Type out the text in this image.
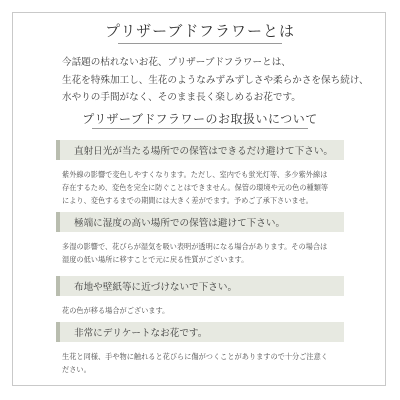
プリザーブドフラワーとは
今話題の枯れないお花、プリザーブドフラワーとは、
生花を特殊加工し、生花のようなみずみずしさや柔らかさを保ち続け、
水やりの手間がなく、そのまま長く楽しめるお花です。
プリザーブドフラワーのお取扱いについて
直射日光が当たる場所での保管はできるだけ避けて下さい。
紫外線の影響で変色しやすくなります。ただし、室内でも蛍光灯等、多少紫外線は
存在するため、変色を完全に防ぐことはできません。保管の環境や元の色の種類等
により、変色するまでの期間には大きく差がでます。予めご了承下さいませ。
極端に湿度の高い場所での保管は避けて下さい。
多湿の影響で、花びらが湿気を吸い表明が透明になる場合があります。その場合は
湿度の低い場所に移すことで元に戻る性質がございます。
布地や壁紙等に近づけないで下さい。
花の色が移る場合がございます。
非常にデリケートなお花です。
生花と同様、手や物に触れると花びらに傷がつくことがありますので十分ご注意く
ださい。
